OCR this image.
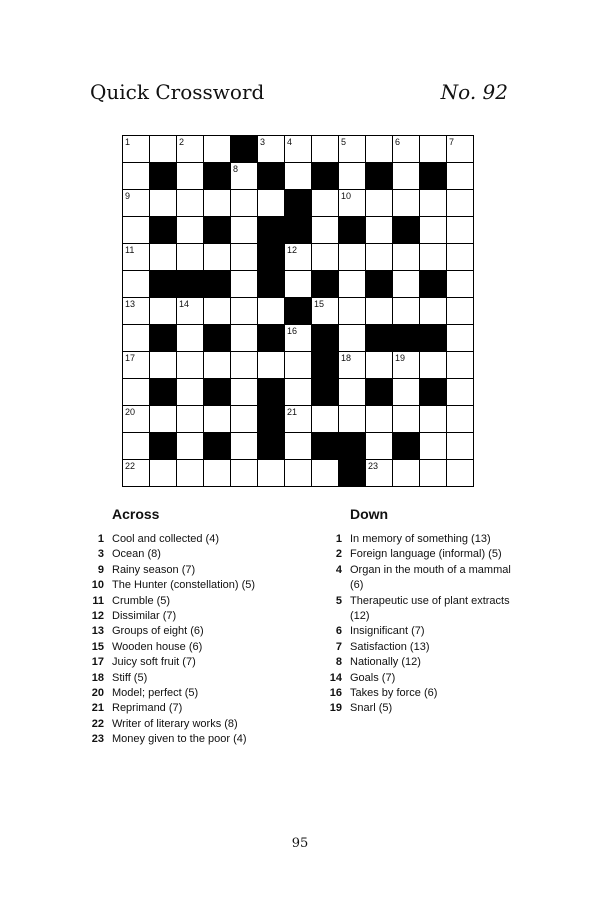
Quick Crossword	No. 92
1	2	3 4	5	6	7
8
9	10
11	12
13	14	15
16
17	18	19
20	21
22	23
Across
1 Cool and collected (4)
3 Ocean (8)
9 Rainy season (7)
10 The Hunter (constellation) (5)
11 Crumble (5)
12 Dissimilar (7)
13 Groups of eight (6)
15 Wooden house (6)
17 Juicy soft fruit (7)
18 Stiff (5)
20 Model; perfect (5)
21 Reprimand (7)
22 Writer of literary works (8)
23 Money given to the poor (4)
Down
1 In memory of something (13)
2 Foreign language (informal) (5)
4 Organ in the mouth of a mammal (6)
5 Therapeutic use of plant extracts (12)
6 Insignificant (7)
7 Satisfaction (13)
8 Nationally (12)
14 Goals (7)
16 Takes by force (6)
19 Snarl (5)
95
